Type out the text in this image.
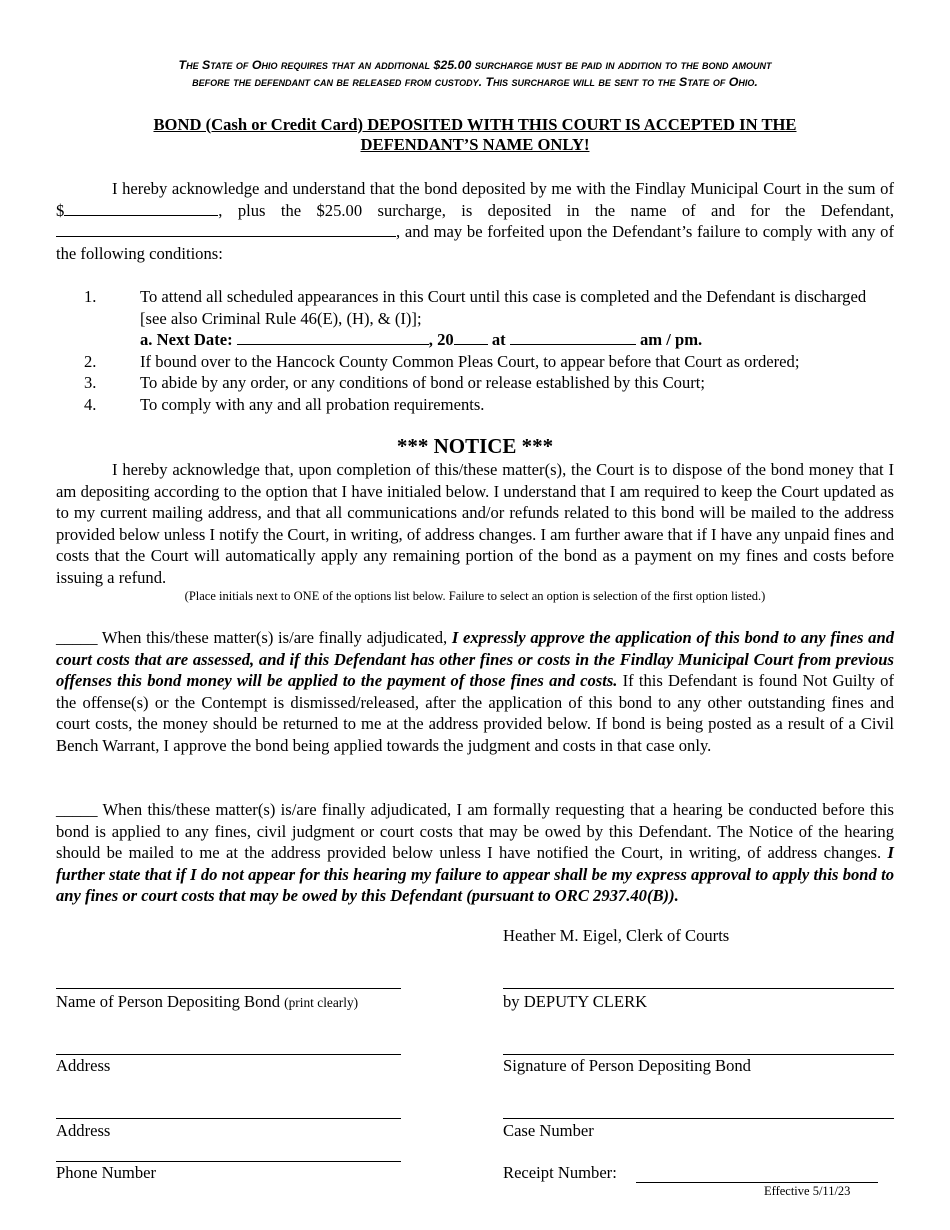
The State of Ohio requires that an additional $25.00 surcharge must be paid in addition to the bond amount
before the defendant can be released from custody. This surcharge will be sent to the State of Ohio.
BOND (Cash or Credit Card) DEPOSITED WITH THIS COURT IS ACCEPTED IN THE
DEFENDANT’S NAME ONLY!
I hereby acknowledge and understand that the bond deposited by me with the Findlay Municipal Court in the sum of $	, plus the $25.00 surcharge, is deposited in the name of and for the Defendant, , and may be forfeited upon the Defendant’s failure to comply with any of the following conditions:
1.	To attend all scheduled appearances in this Court until this case is completed and the Defendant is discharged [see also Criminal Rule 46(E), (H), & (I)];
a. Next Date:	, 20 at	am / pm.
2.	If bound over to the Hancock County Common Pleas Court, to appear before that Court as ordered;
3.	To abide by any order, or any conditions of bond or release established by this Court;
4.	To comply with any and all probation requirements.
*** NOTICE ***
I hereby acknowledge that, upon completion of this/these matter(s), the Court is to dispose of the bond money that I am depositing according to the option that I have initialed below. I understand that I am required to keep the Court updated as to my current mailing address, and that all communications and/or refunds related to this bond will be mailed to the address provided below unless I notify the Court, in writing, of address changes. I am further aware that if I have any unpaid fines and costs that the Court will automatically apply any remaining portion of the bond as a payment on my fines and costs before issuing a refund.
(Place initials next to ONE of the options list below. Failure to select an option is selection of the first option listed.)
_____ When this/these matter(s) is/are finally adjudicated, I expressly approve the application of this bond to any fines and court costs that are assessed, and if this Defendant has other fines or costs in the Findlay Municipal Court from previous offenses this bond money will be applied to the payment of those fines and costs. If this Defendant is found Not Guilty of the offense(s) or the Contempt is dismissed/released, after the application of this bond to any other outstanding fines and court costs, the money should be returned to me at the address provided below. If bond is being posted as a result of a Civil Bench Warrant, I approve the bond being applied towards the judgment and costs in that case only.
_____ When this/these matter(s) is/are finally adjudicated, I am formally requesting that a hearing be conducted before this bond is applied to any fines, civil judgment or court costs that may be owed by this Defendant. The Notice of the hearing should be mailed to me at the address provided below unless I have notified the Court, in writing, of address changes. I further state that if I do not appear for this hearing my failure to appear shall be my express approval to apply this bond to any fines or court costs that may be owed by this Defendant (pursuant to ORC 2937.40(B)).
Heather M. Eigel, Clerk of Courts
Name of Person Depositing Bond (print clearly)	by DEPUTY CLERK
Address	Signature of Person Depositing Bond
Address	Case Number
Phone Number	Receipt Number:
Effective 5/11/23
